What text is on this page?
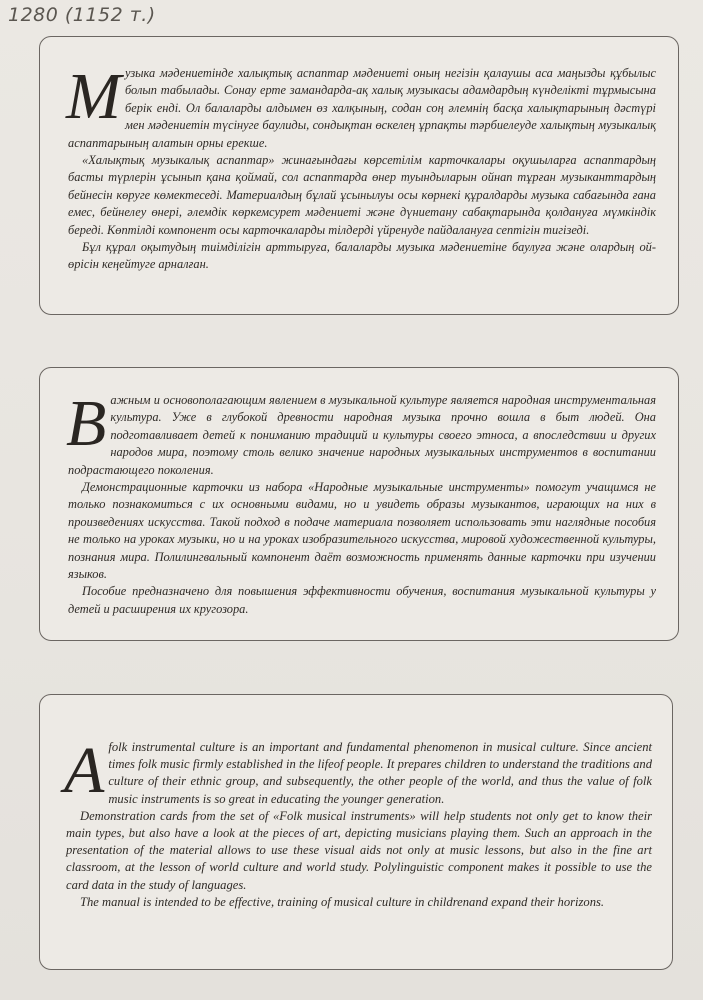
1280 (1152 т.)
М узыка мәдениетінде халықтық аспаптар мәдениеті оның негізін қалаушы аса маңызды құбылыс болып табылады. Сонау ерте замандарда-ақ халық музыкасы адамдардың күнделікті тұрмысына берік енді. Ол балаларды алдымен өз халқының, содан соң әлемнің басқа халықтарының дәстүрі мен мәдениетін түсінуге баулиды, сондықтан өскелең ұрпақты тәрбиелеуде халықтың музыкалық аспаптарының алатын орны ерекше.

«Халықтық музыкалық аспаптар» жинағындағы көрсетілім карточкалары оқушыларға аспаптардың басты түрлерін ұсынып қана қоймай, сол аспаптарда өнер туындыларын ойнап тұрған музыканттардың бейнесін көруге көмектеседі. Материалдың бұлай ұсынылуы осы көрнекі құралдарды музыка сабағында ғана емес, бейнелеу өнері, әлемдік көркемсурет мәдениеті және дүниетану сабақтарында қолдануға мүмкіндік береді. Көптілді компонент осы карточкаларды тілдерді үйренуде пайдалануға септігін тигізеді.

Бұл құрал оқытудың тиімділігін арттыруға, балаларды музыка мәдениетіне баулуға және олардың ой-өрісін кеңейтуге арналған.

В ажным и основополагающим явлением в музыкальной культуре является народная инструментальная культура. Уже в глубокой древности народная музыка прочно вошла в быт людей. Она подготавливает детей к пониманию традиций и культуры своего этноса, а впоследствии и других народов мира, поэтому столь велико значение народных музыкальных инструментов в воспитании подрастающего поколения.

Демонстрационные карточки из набора «Народные музыкальные инструменты» помогут учащимся не только познакомиться с их основными видами, но и увидеть образы музыкантов, играющих на них в произведениях искусства. Такой подход в подаче материала позволяет использовать эти наглядные пособия не только на уроках музыки, но и на уроках изобразительного искусства, мировой художественной культуры, познания мира. Полилингвальный компонент даёт возможность применять данные карточки при изучении языков.

Пособие предназначено для повышения эффективности обучения, воспитания музыкальной культуры у детей и расширения их кругозора.

A folk instrumental culture is an important and fundamental phenomenon in musical culture. Since ancient times folk music firmly established in the lifeof people. It prepares children to understand the traditions and culture of their ethnic group, and subsequently, the other people of the world, and thus the value of folk music instruments is so great in educating the younger generation.

Demonstration cards from the set of «Folk musical instruments» will help students not only get to know their main types, but also have a look at the pieces of art, depicting musicians playing them. Such an approach in the presentation of the material allows to use these visual aids not only at music lessons, but also in the fine art classroom, at the lesson of world culture and world study. Polylinguistic component makes it possible to use the card data in the study of languages.

The manual is intended to be effective, training of musical culture in childrenand expand their horizons.
